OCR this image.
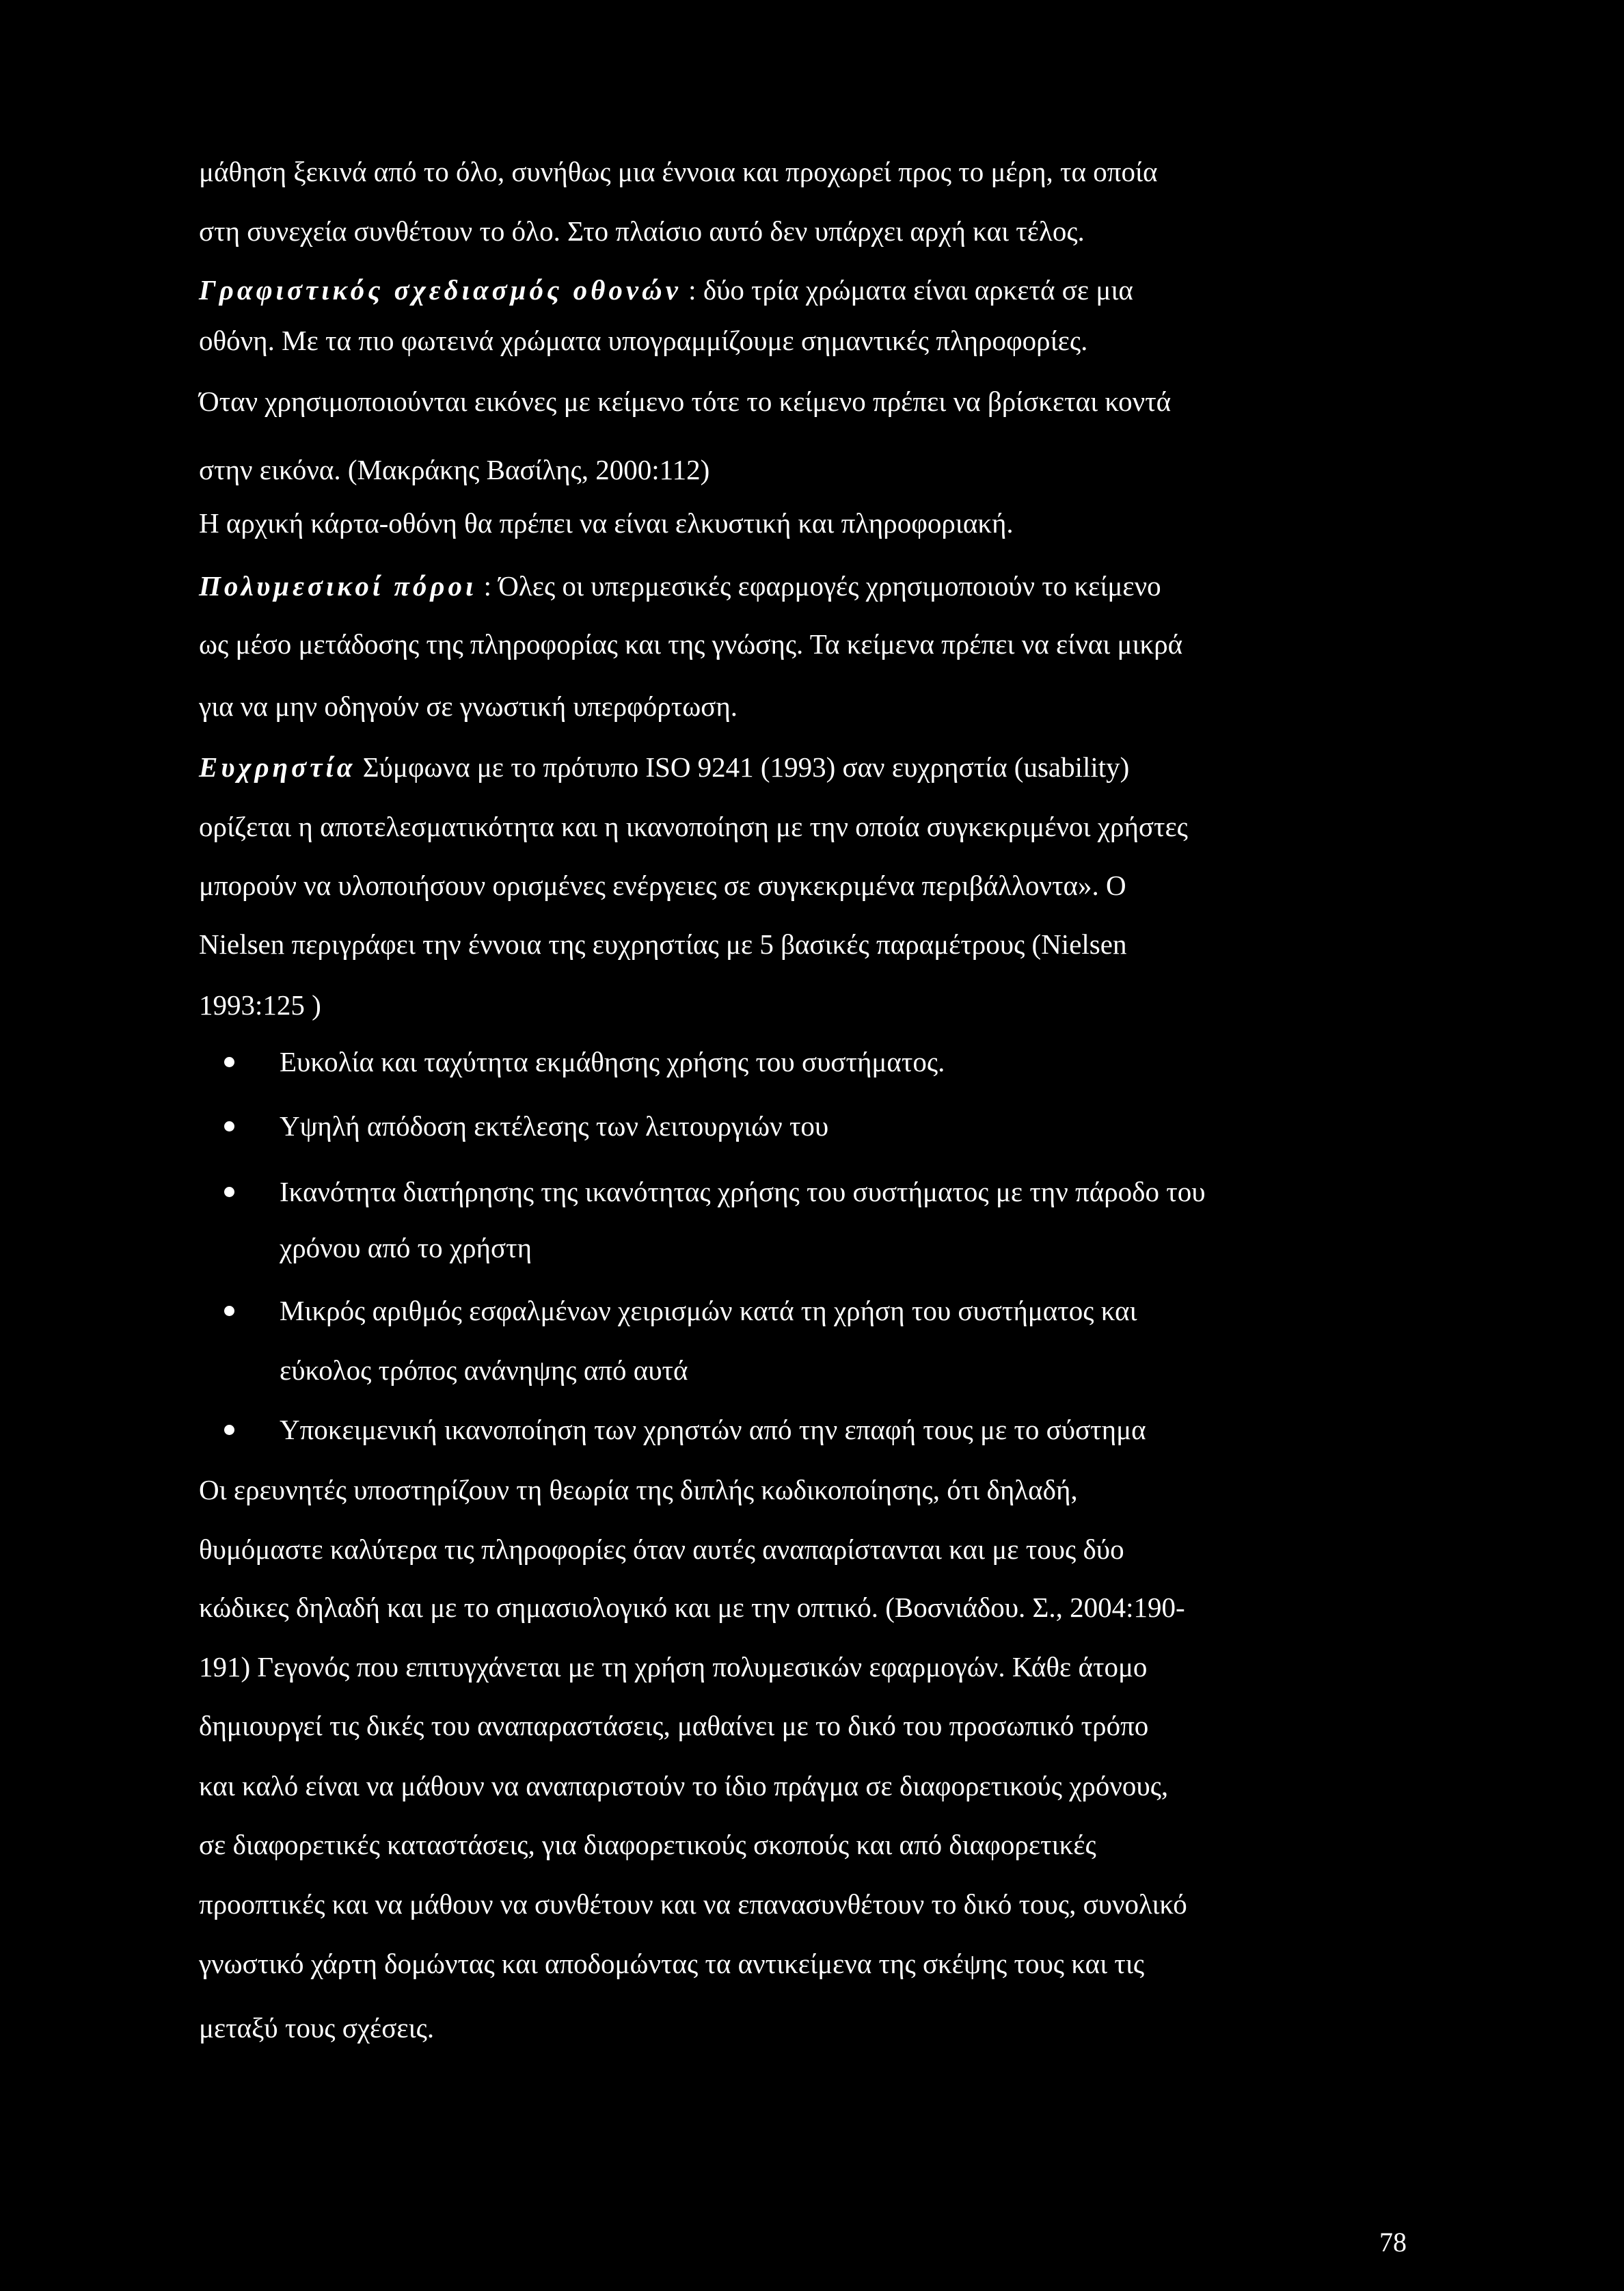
μάθηση ξεκινά από το όλο, συνήθως μια έννοια και προχωρεί προς το μέρη, τα οποία
στη συνεχεία συνθέτουν το όλο. Στο πλαίσιο αυτό δεν υπάρχει αρχή και τέλος.
Γραφιστικός σχεδιασμός οθονών : δύο τρία χρώματα είναι αρκετά σε μια
οθόνη. Με τα πιο φωτεινά χρώματα υπογραμμίζουμε σημαντικές πληροφορίες.
Όταν χρησιμοποιούνται εικόνες με κείμενο τότε το κείμενο πρέπει να βρίσκεται κοντά
στην εικόνα. (Μακράκης Βασίλης, 2000:112)
Η αρχική κάρτα-οθόνη θα πρέπει να είναι ελκυστική και πληροφοριακή.
Πολυμεσικοί πόροι : Όλες οι υπερμεσικές εφαρμογές χρησιμοποιούν το κείμενο
ως μέσο μετάδοσης της πληροφορίας και της γνώσης. Τα κείμενα πρέπει να είναι μικρά
για να μην οδηγούν σε γνωστική υπερφόρτωση.
Ευχρηστία Σύμφωνα με το πρότυπο ISO 9241 (1993) σαν ευχρηστία (usability)
ορίζεται η αποτελεσματικότητα και η ικανοποίηση με την οποία συγκεκριμένοι χρήστες
μπορούν να υλοποιήσουν ορισμένες ενέργειες σε συγκεκριμένα περιβάλλοντα». Ο
Nielsen περιγράφει την έννοια της ευχρηστίας με 5 βασικές παραμέτρους (Nielsen
1993:125 )
Ευκολία και ταχύτητα εκμάθησης χρήσης του συστήματος.
Υψηλή απόδοση εκτέλεσης των λειτουργιών του
Ικανότητα διατήρησης της ικανότητας χρήσης του συστήματος με την πάροδο του
χρόνου από το χρήστη
Μικρός αριθμός εσφαλμένων χειρισμών κατά τη χρήση του συστήματος και
εύκολος τρόπος ανάνηψης από αυτά
Υποκειμενική ικανοποίηση των χρηστών από την επαφή τους με το σύστημα
Οι ερευνητές υποστηρίζουν τη θεωρία της διπλής κωδικοποίησης, ότι δηλαδή,
θυμόμαστε καλύτερα τις πληροφορίες όταν αυτές αναπαρίστανται και με τους δύο
κώδικες δηλαδή και με το σημασιολογικό και με την οπτικό. (Βοσνιάδου. Σ., 2004:190-
191) Γεγονός που επιτυγχάνεται με τη χρήση πολυμεσικών εφαρμογών. Κάθε άτομο
δημιουργεί τις δικές του αναπαραστάσεις, μαθαίνει με το δικό του προσωπικό τρόπο
και καλό είναι να μάθουν να αναπαριστούν το ίδιο πράγμα σε διαφορετικούς χρόνους,
σε διαφορετικές καταστάσεις, για διαφορετικούς σκοπούς και από διαφορετικές
προοπτικές και να μάθουν να συνθέτουν και να επανασυνθέτουν το δικό τους, συνολικό
γνωστικό χάρτη δομώντας και αποδομώντας τα αντικείμενα της σκέψης τους και τις
μεταξύ τους σχέσεις.
78
